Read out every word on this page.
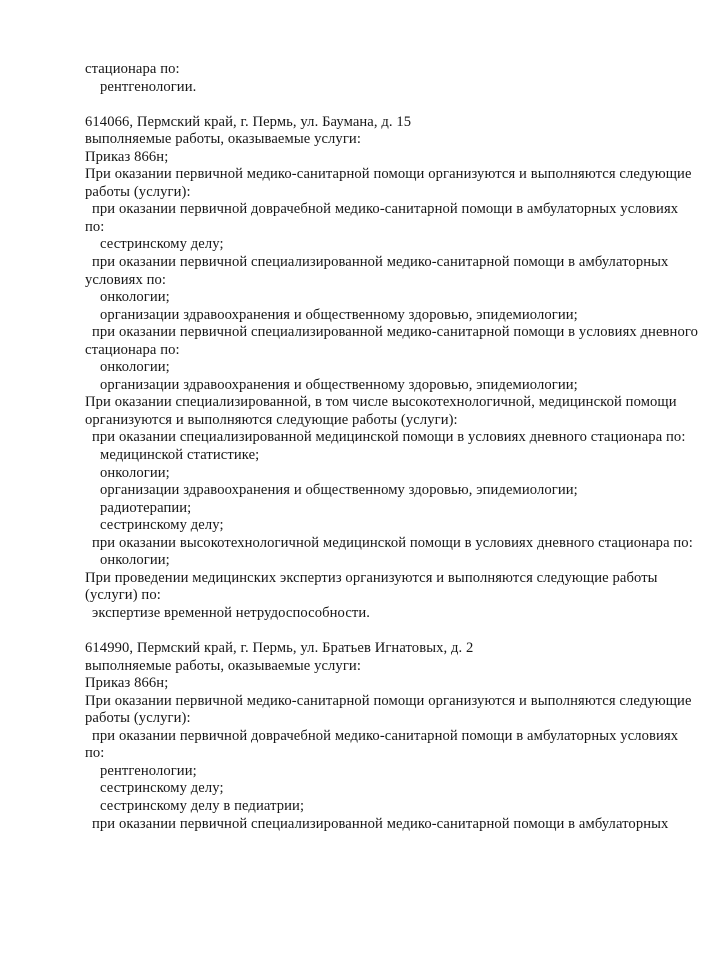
стационара по:
рентгенологии.
614066, Пермский край, г. Пермь, ул. Баумана, д. 15
выполняемые работы, оказываемые услуги:
Приказ 866н;
При оказании первичной медико-санитарной помощи организуются и выполняются следующие
работы (услуги):
при оказании первичной доврачебной медико-санитарной помощи в амбулаторных условиях
по:
сестринскому делу;
при оказании первичной специализированной медико-санитарной помощи в амбулаторных
условиях по:
онкологии;
организации здравоохранения и общественному здоровью, эпидемиологии;
при оказании первичной специализированной медико-санитарной помощи в условиях дневного
стационара по:
онкологии;
организации здравоохранения и общественному здоровью, эпидемиологии;
При оказании специализированной, в том числе высокотехнологичной, медицинской помощи
организуются и выполняются следующие работы (услуги):
при оказании специализированной медицинской помощи в условиях дневного стационара по:
медицинской статистике;
онкологии;
организации здравоохранения и общественному здоровью, эпидемиологии;
радиотерапии;
сестринскому делу;
при оказании высокотехнологичной медицинской помощи в условиях дневного стационара по:
онкологии;
При проведении медицинских экспертиз организуются и выполняются следующие работы
(услуги) по:
экспертизе временной нетрудоспособности.
614990, Пермский край, г. Пермь, ул. Братьев Игнатовых, д. 2
выполняемые работы, оказываемые услуги:
Приказ 866н;
При оказании первичной медико-санитарной помощи организуются и выполняются следующие
работы (услуги):
при оказании первичной доврачебной медико-санитарной помощи в амбулаторных условиях
по:
рентгенологии;
сестринскому делу;
сестринскому делу в педиатрии;
при оказании первичной специализированной медико-санитарной помощи в амбулаторных
